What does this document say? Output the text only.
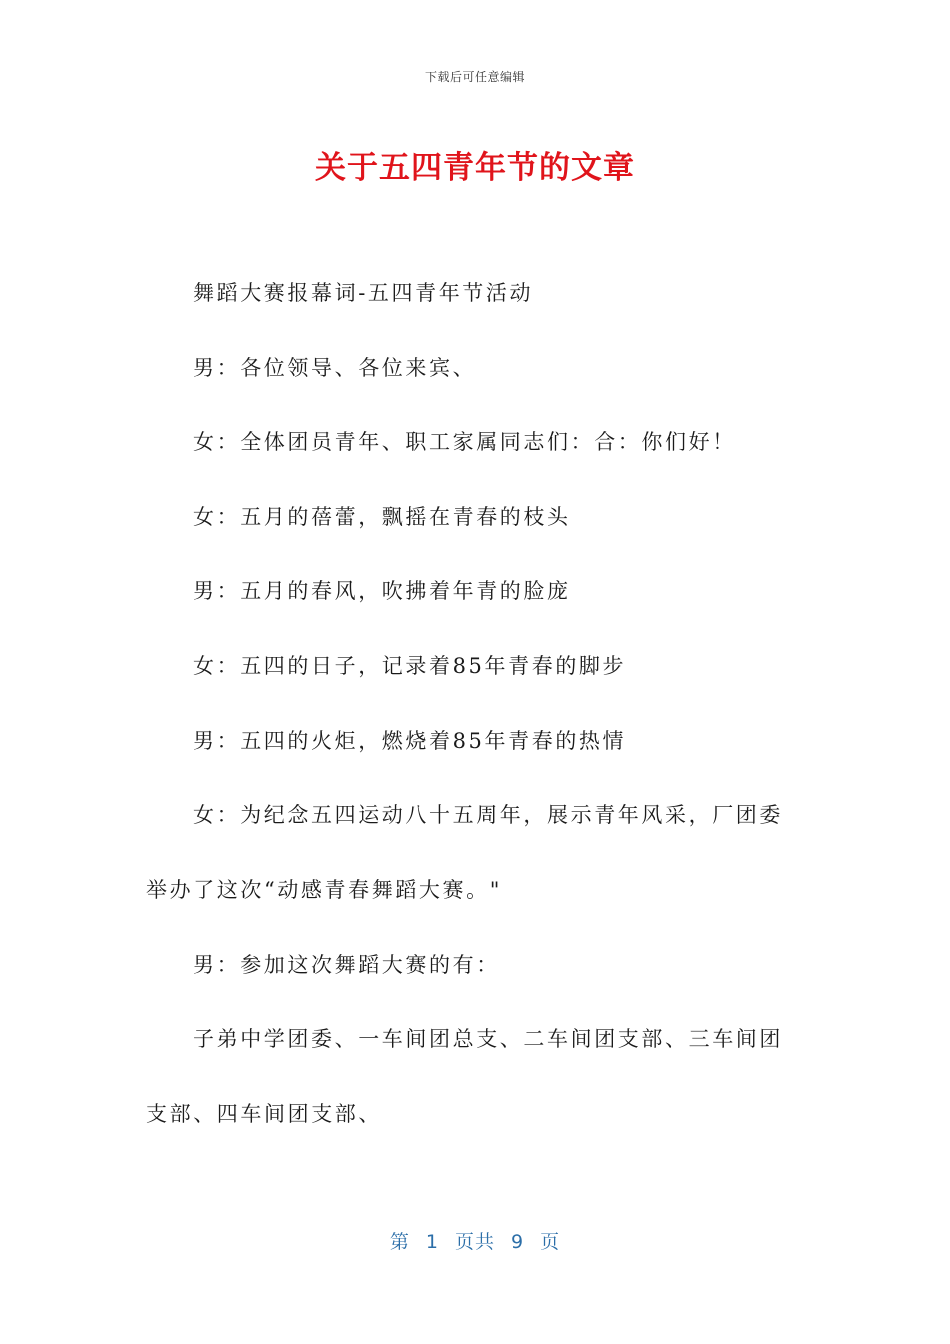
下载后可任意编辑
关于五四青年节的文章
舞蹈大赛报幕词-五四青年节活动
男：各位领导、各位来宾、
女：全体团员青年、职工家属同志们：合：你们好！
女：五月的蓓蕾，飘摇在青春的枝头
男：五月的春风，吹拂着年青的脸庞
女：五四的日子，记录着85年青春的脚步
男：五四的火炬，燃烧着85年青春的热情
女：为纪念五四运动八十五周年，展示青年风采，厂团委举办了这次“动感青春舞蹈大赛。"
男：参加这次舞蹈大赛的有：
子弟中学团委、一车间团总支、二车间团支部、三车间团支部、四车间团支部、
第 1 页共 9 页
